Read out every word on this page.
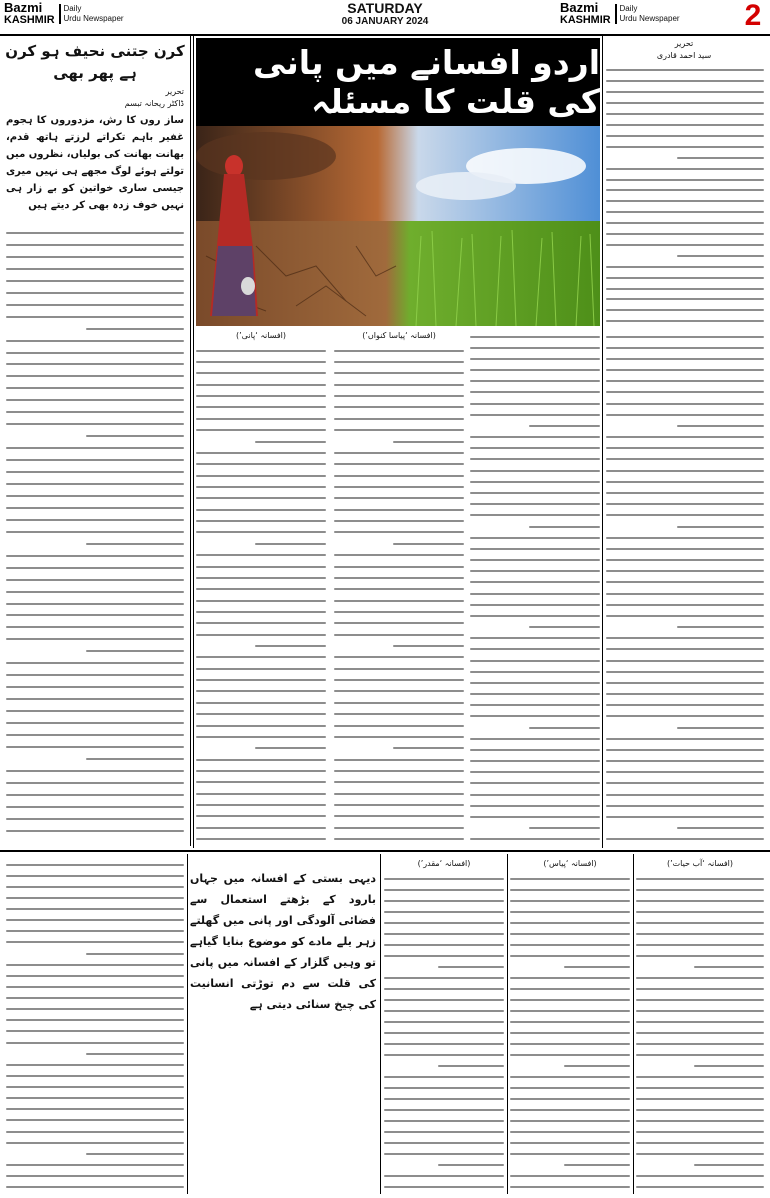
Bazmi
KASHMIR
Daily
Urdu Newspaper
SATURDAY
06 JANUARY 2024
Bazmi
KASHMIR
Daily
Urdu Newspaper 2
کرن جتنی نحیف ہو کرن ہے پھر بھی
تحریر
ڈاکٹر ریحانہ تبسم
ساز روں کا رش، مزدوروں کا ہجوم غفیر باہم تکراتے لرزتے ہاتھ قدم، بھانت بھانت کی بولیاں، نظروں میں تولتے ہوئے لوگ مجھے ہی نہیں میری جیسی ساری خواتین کو بے زار ہی نہیں خوف زدہ بھی کر دیتے ہیں
اردو افسانے میں پانی کی قلت کا مسئلہ
تحریر
سید احمد قادری
(افسانہ ‘پانی’)	(افسانہ ‘پیاسا کنواں’)
دیہی بستی کے افسانہ میں جہاں بارود کے بڑھتے استعمال سے فضائی آلودگی اور پانی میں گھلتے زہر یلے مادے کو موضوع بنایا گیاہے تو وہیں گلزار کے افسانہ میں پانی کی قلت سے دم توڑتی انسانیت کی چیخ سنائی دیتی ہے
(افسانہ ‘مقدر’)	(افسانہ ‘پیاس’)	(افسانہ ‘آب حیات’)
